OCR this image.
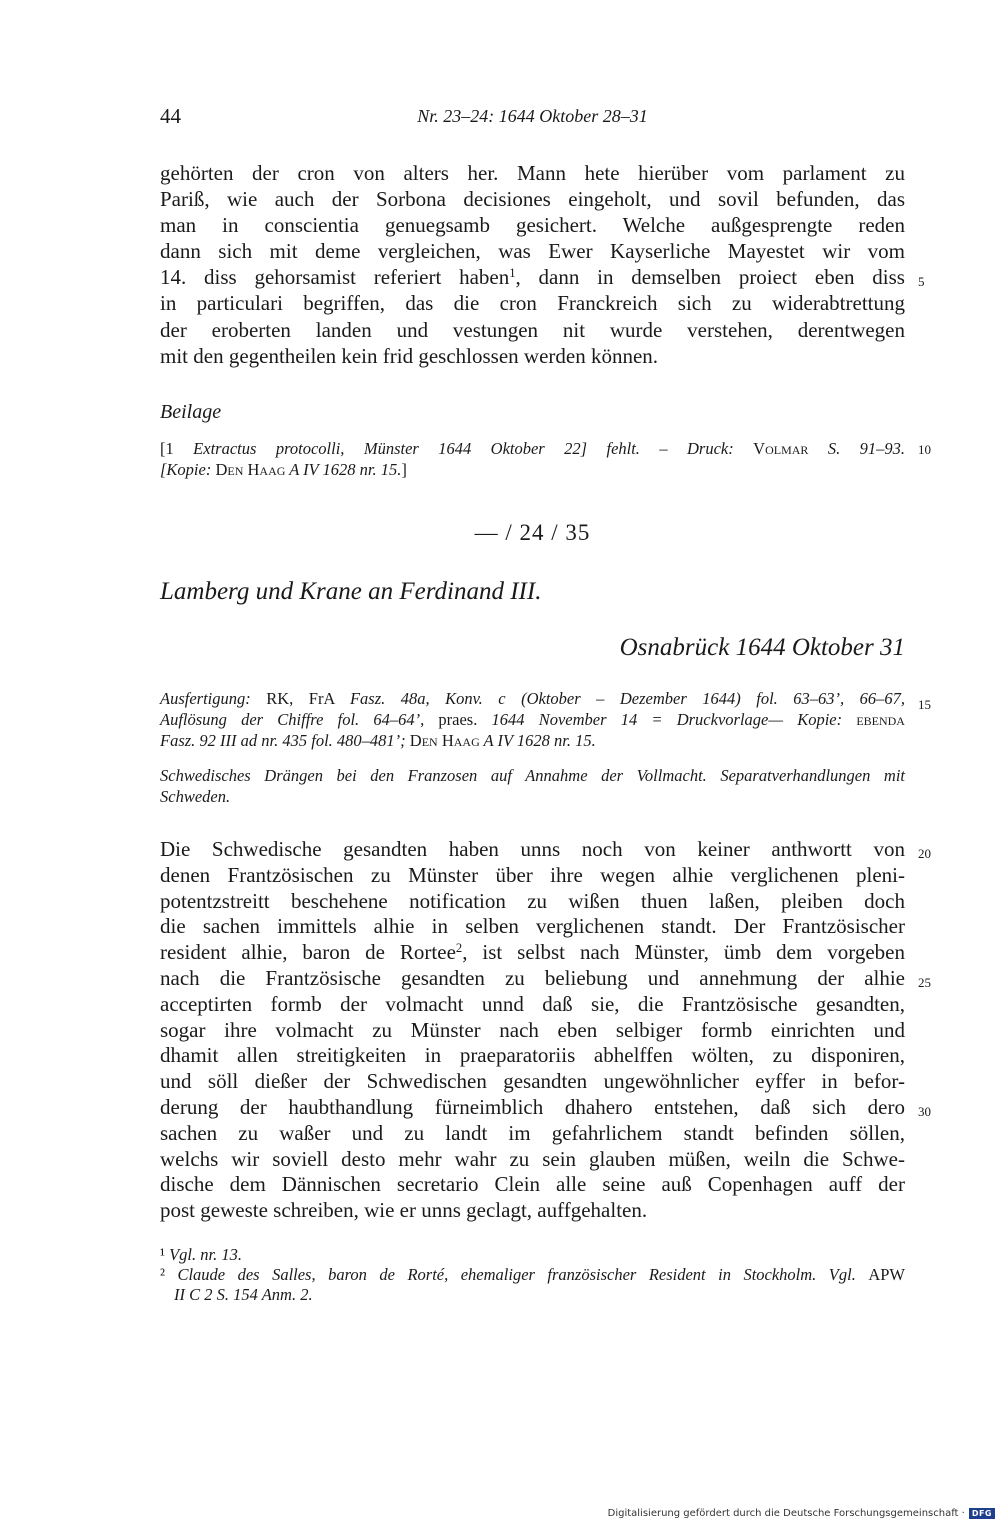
44	Nr. 23–24: 1644 Oktober 28–31
gehörten der cron von alters her. Mann hete hierüber vom parlament zu
Pariß, wie auch der Sorbona decisiones eingeholt, und sovil befunden, das
man in conscientia genuegsamb gesichert. Welche außgesprengte reden
dann sich mit deme vergleichen, was Ewer Kayserliche Mayestet wir vom
14. diss gehorsamist referiert haben$^1$, dann in demselben proiect eben diss
in particulari begriffen, das die cron Franckreich sich zu widerabtrettung
der eroberten landen und vestungen nit wurde verstehen, derentwegen
mit den gegentheilen kein frid geschlossen werden können.
Beilage
[1 Extractus protocolli, Münster 1644 Oktober 22] fehlt. – Druck: Volmar S. 91–93.
[Kopie: Den Haag A IV 1628 nr. 15.]
— / 24 / 35
Lamberg und Krane an Ferdinand III.
Osnabrück 1644 Oktober 31
Ausfertigung: RK, FrA Fasz. 48a, Konv. c (Oktober – Dezember 1644) fol. 63–63’, 66–67,
Auflösung der Chiffre fol. 64–64’, praes. 1644 November 14 = Druckvorlage— Kopie: ebenda
Fasz. 92 III ad nr. 435 fol. 480–481’; Den Haag A IV 1628 nr. 15.
Schwedisches Drängen bei den Franzosen auf Annahme der Vollmacht. Separatverhandlungen mit
Schweden.
Die Schwedische gesandten haben unns noch von keiner anthwortt von
denen Frantzösischen zu Münster über ihre wegen alhie verglichenen pleni-
potentzstreitt beschehene notification zu wißen thuen laßen, pleiben doch
die sachen immittels alhie in selben verglichenen standt. Der Frantzösischer
resident alhie, baron de Rortee$^2$, ist selbst nach Münster, ümb dem vorgeben
nach die Frantzösische gesandten zu beliebung und annehmung der alhie
acceptirten formb der volmacht unnd daß sie, die Frantzösische gesandten,
sogar ihre volmacht zu Münster nach eben selbiger formb einrichten und
dhamit allen streitigkeiten in praeparatoriis abhelffen wölten, zu disponiren,
und söll dießer der Schwedischen gesandten ungewöhnlicher eyffer in befor-
derung der haubthandlung fürneimblich dhahero entstehen, daß sich dero
sachen zu waßer und zu landt im gefahrlichem standt befinden söllen,
welchs wir soviell desto mehr wahr zu sein glauben müßen, weiln die Schwe-
dische dem Dännischen secretario Clein alle seine auß Copenhagen auff der
post geweste schreiben, wie er unns geclagt, auffgehalten.
¹ Vgl. nr. 13.
² Claude des Salles, baron de Rorté, ehemaliger französischer Resident in Stockholm. Vgl. APW
II C 2 S. 154 Anm. 2.
5
10
15
20
25
30
Digitalisierung gefördert durch die Deutsche Forschungsgemeinschaft · DFG
